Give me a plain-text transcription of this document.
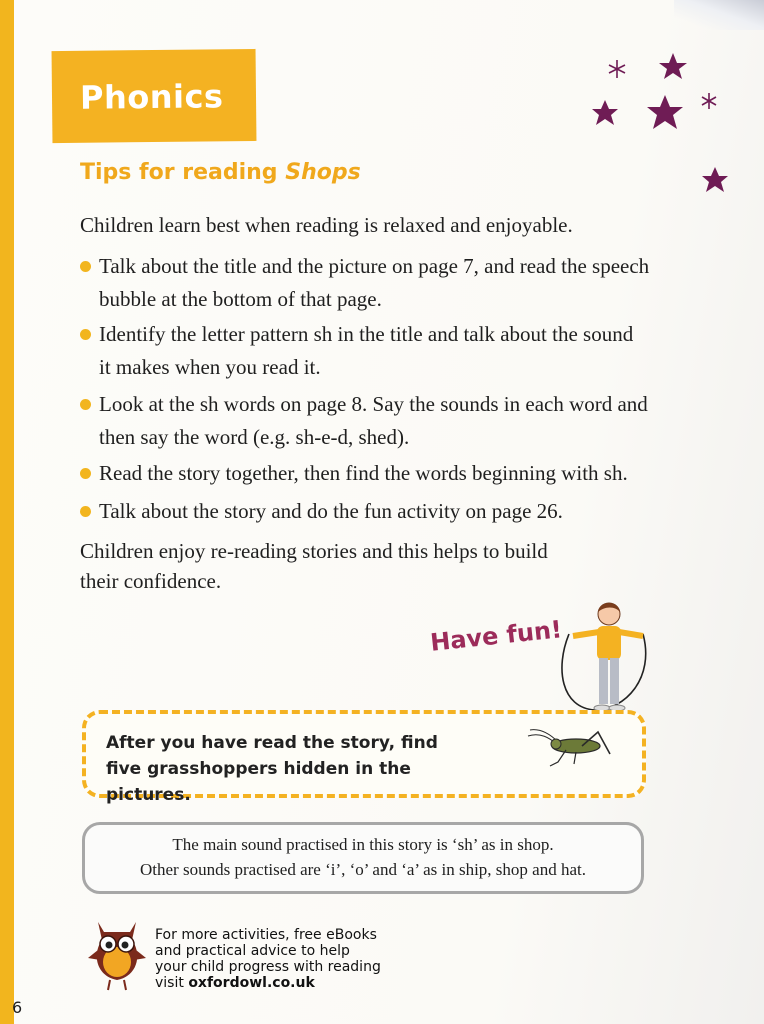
Phonics
Tips for reading Shops
Children learn best when reading is relaxed and enjoyable.
Talk about the title and the picture on page 7, and read the speech
bubble at the bottom of that page.
Identify the letter pattern sh in the title and talk about the sound
it makes when you read it.
Look at the sh words on page 8. Say the sounds in each word and
then say the word (e.g. sh-e-d, shed).
Read the story together, then find the words beginning with sh.
Talk about the story and do the fun activity on page 26.
Children enjoy re-reading stories and this helps to build
their confidence.
Have fun!
After you have read the story, find five grasshoppers hidden in the pictures.
The main sound practised in this story is ‘sh’ as in shop.
Other sounds practised are ‘i’, ‘o’ and ‘a’ as in ship, shop and hat.
For more activities, free eBooks and practical advice to help your child progress with reading visit oxfordowl.co.uk
6
